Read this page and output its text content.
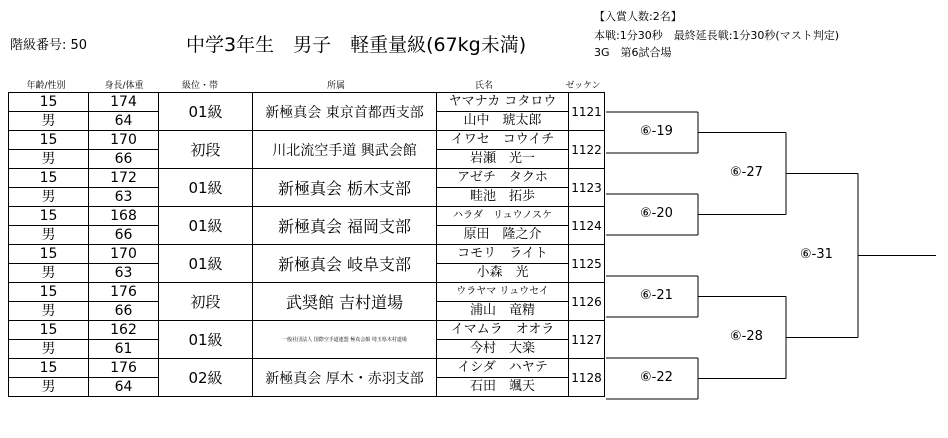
階級番号: 50	中学3年生　男子　軽重量級(67kg未満)
【入賞人数:2名】
本戦:1分30秒　最終延長戦:1分30秒(マスト判定)
3G　第6試合場
年齢/性別	身長/体重	級位・帯	所属	氏名	ゼッケン
15	174	01級	新極真会 東京首都西支部	ヤマナカ コタロウ	1121
男	64			山中　琥太郎	
15	170	初段	川北流空手道 興武会館	イワセ　コウイチ	1122
男	66			岩瀬　光一	
15	172	01級	新極真会 栃木支部	アゼチ　タクホ	1123
男	63			畦池　拓歩	
15	168	01級	新極真会 福岡支部	ハラダ　リュウノスケ	1124
男	66			原田　隆之介	
15	170	01級	新極真会 岐阜支部	コモリ　ライト	1125
男	63			小森　光	
15	176	初段	武奨館 吉村道場	ウラヤマ リュウセイ	1126
男	66			浦山　竜精	
15	162	01級	一般社団法人 国際空手道連盟 極真会館 埼玉県木村道場	イマムラ　オオラ	1127
男	61			今村　大楽	
15	176	02級	新極真会 厚木・赤羽支部	イシダ　ハヤテ	1128
男	64			石田　颯天	
⑥-19
⑥-20
⑥-21
⑥-22
⑥-27
⑥-28
⑥-31
